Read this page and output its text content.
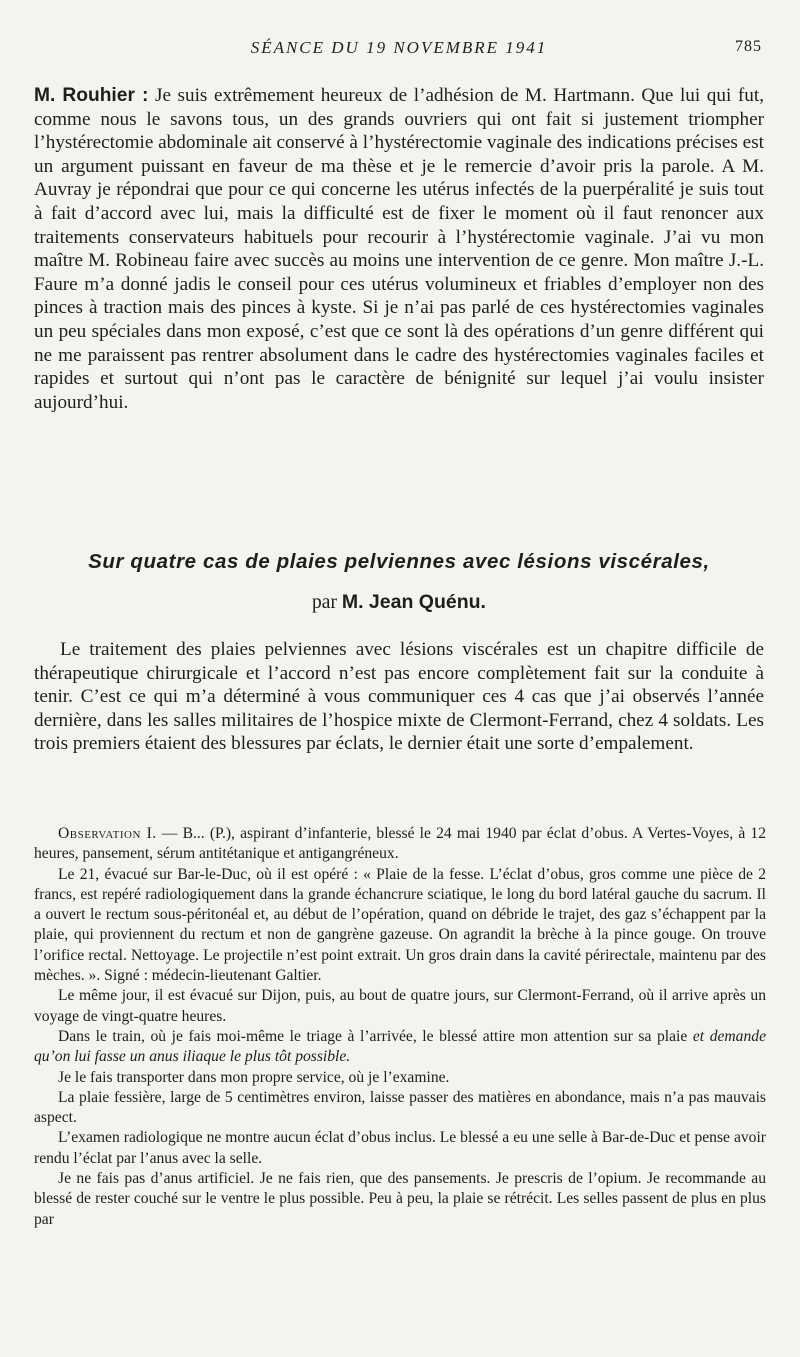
SÉANCE DU 19 NOVEMBRE 1941	785
M. Rouhier : Je suis extrêmement heureux de l’adhésion de M. Hartmann. Que lui qui fut, comme nous le savons tous, un des grands ouvriers qui ont fait si justement triompher l’hystérectomie abdominale ait conservé à l’hystérectomie vaginale des indications précises est un argument puissant en faveur de ma thèse et je le remercie d’avoir pris la parole. A M. Auvray je répondrai que pour ce qui concerne les utérus infectés de la puerpéralité je suis tout à fait d’accord avec lui, mais la difficulté est de fixer le moment où il faut renoncer aux traitements conservateurs habituels pour recourir à l’hystérectomie vaginale. J’ai vu mon maître M. Robineau faire avec succès au moins une intervention de ce genre. Mon maître J.-L. Faure m’a donné jadis le conseil pour ces utérus volumineux et friables d’employer non des pinces à traction mais des pinces à kyste. Si je n’ai pas parlé de ces hystérectomies vaginales un peu spéciales dans mon exposé, c’est que ce sont là des opérations d’un genre différent qui ne me paraissent pas rentrer absolument dans le cadre des hystérectomies vaginales faciles et rapides et surtout qui n’ont pas le caractère de bénignité sur lequel j’ai voulu insister aujourd’hui.
Sur quatre cas de plaies pelviennes avec lésions viscérales,
par M. Jean Quénu.
Le traitement des plaies pelviennes avec lésions viscérales est un chapitre difficile de thérapeutique chirurgicale et l’accord n’est pas encore complètement fait sur la conduite à tenir. C’est ce qui m’a déterminé à vous communiquer ces 4 cas que j’ai observés l’année dernière, dans les salles militaires de l’hospice mixte de Clermont-Ferrand, chez 4 soldats. Les trois premiers étaient des blessures par éclats, le dernier était une sorte d’empalement.

Observation I. — B... (P.), aspirant d’infanterie, blessé le 24 mai 1940 par éclat d’obus. A Vertes-Voyes, à 12 heures, pansement, sérum antitétanique et antigangréneux.

Le 21, évacué sur Bar-le-Duc, où il est opéré : « Plaie de la fesse. L’éclat d’obus, gros comme une pièce de 2 francs, est repéré radiologiquement dans la grande échancrure sciatique, le long du bord latéral gauche du sacrum. Il a ouvert le rectum sous-péritonéal et, au début de l’opération, quand on débride le trajet, des gaz s’échappent par la plaie, qui proviennent du rectum et non de gangrène gazeuse. On agrandit la brèche à la pince gouge. On trouve l’orifice rectal. Nettoyage. Le projectile n’est point extrait. Un gros drain dans la cavité périrectale, maintenu par des mèches. ». Signé : médecin-lieutenant Galtier.

Le même jour, il est évacué sur Dijon, puis, au bout de quatre jours, sur Clermont-Ferrand, où il arrive après un voyage de vingt-quatre heures.

Dans le train, où je fais moi-même le triage à l’arrivée, le blessé attire mon attention sur sa plaie et demande qu’on lui fasse un anus iliaque le plus tôt possible.

Je le fais transporter dans mon propre service, où je l’examine.

La plaie fessière, large de 5 centimètres environ, laisse passer des matières en abondance, mais n’a pas mauvais aspect.

L’examen radiologique ne montre aucun éclat d’obus inclus. Le blessé a eu une selle à Bar-de-Duc et pense avoir rendu l’éclat par l’anus avec la selle.

Je ne fais pas d’anus artificiel. Je ne fais rien, que des pansements. Je prescris de l’opium. Je recommande au blessé de rester couché sur le ventre le plus possible. Peu à peu, la plaie se rétrécit. Les selles passent de plus en plus par
